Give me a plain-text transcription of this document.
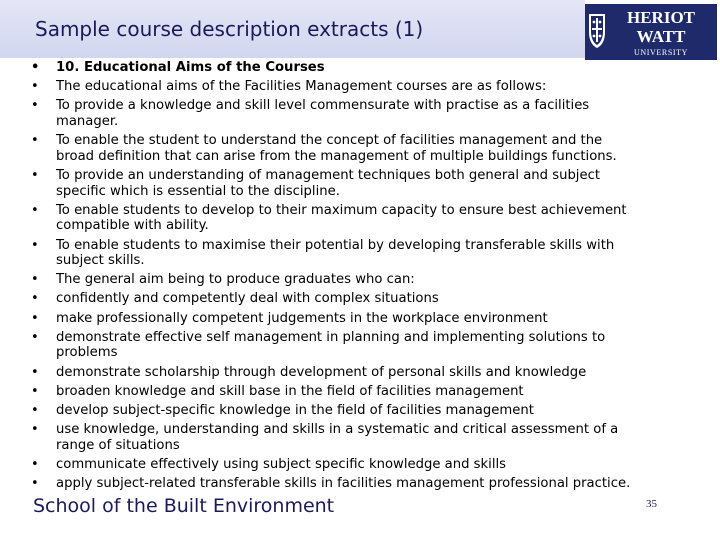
Sample course description extracts (1)	HERIOT
WATT
UNIVERSITY
• 10. Educational Aims of the Courses
• The educational aims of the Facilities Management courses are as follows:
• To provide a knowledge and skill level commensurate with practise as a facilities
manager.
• To enable the student to understand the concept of facilities management and the
broad definition that can arise from the management of multiple buildings functions.
• To provide an understanding of management techniques both general and subject
specific which is essential to the discipline.
• To enable students to develop to their maximum capacity to ensure best achievement
compatible with ability.
• To enable students to maximise their potential by developing transferable skills with
subject skills.
• The general aim being to produce graduates who can:
• confidently and competently deal with complex situations
• make professionally competent judgements in the workplace environment
• demonstrate effective self management in planning and implementing solutions to
problems
• demonstrate scholarship through development of personal skills and knowledge
• broaden knowledge and skill base in the field of facilities management
• develop subject-specific knowledge in the field of facilities management
• use knowledge, understanding and skills in a systematic and critical assessment of a
range of situations
• communicate effectively using subject specific knowledge and skills
• apply subject-related transferable skills in facilities management professional practice.
School of the Built Environment	35
